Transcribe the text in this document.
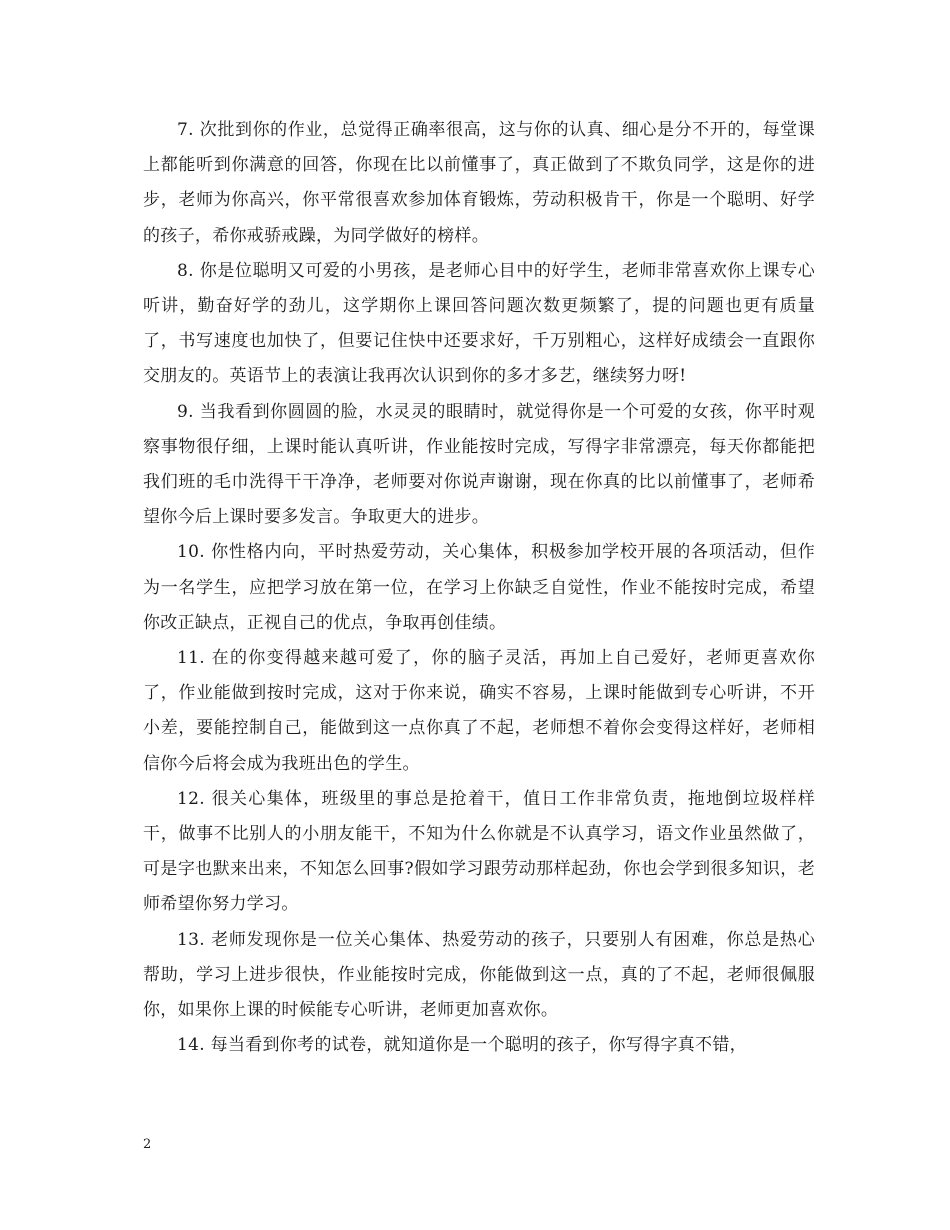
7. 次批到你的作业，总觉得正确率很高，这与你的认真、细心是分不开的，每堂课上都能听到你满意的回答，你现在比以前懂事了，真正做到了不欺负同学，这是你的进步，老师为你高兴，你平常很喜欢参加体育锻炼，劳动积极肯干，你是一个聪明、好学的孩子，希你戒骄戒躁，为同学做好的榜样。

8. 你是位聪明又可爱的小男孩，是老师心目中的好学生，老师非常喜欢你上课专心听讲，勤奋好学的劲儿，这学期你上课回答问题次数更频繁了，提的问题也更有质量了，书写速度也加快了，但要记住快中还要求好，千万别粗心，这样好成绩会一直跟你交朋友的。英语节上的表演让我再次认识到你的多才多艺，继续努力呀!

9. 当我看到你圆圆的脸，水灵灵的眼睛时，就觉得你是一个可爱的女孩，你平时观察事物很仔细，上课时能认真听讲，作业能按时完成，写得字非常漂亮，每天你都能把我们班的毛巾洗得干干净净，老师要对你说声谢谢，现在你真的比以前懂事了，老师希望你今后上课时要多发言。争取更大的进步。

10. 你性格内向，平时热爱劳动，关心集体，积极参加学校开展的各项活动，但作为一名学生，应把学习放在第一位，在学习上你缺乏自觉性，作业不能按时完成，希望你改正缺点，正视自己的优点，争取再创佳绩。

11. 在的你变得越来越可爱了，你的脑子灵活，再加上自己爱好，老师更喜欢你了，作业能做到按时完成，这对于你来说，确实不容易，上课时能做到专心听讲，不开小差，要能控制自己，能做到这一点你真了不起，老师想不着你会变得这样好，老师相信你今后将会成为我班出色的学生。

12. 很关心集体，班级里的事总是抢着干，值日工作非常负责，拖地倒垃圾样样干，做事不比别人的小朋友能干，不知为什么你就是不认真学习，语文作业虽然做了，可是字也默来出来，不知怎么回事?假如学习跟劳动那样起劲，你也会学到很多知识，老师希望你努力学习。

13. 老师发现你是一位关心集体、热爱劳动的孩子，只要别人有困难，你总是热心帮助，学习上进步很快，作业能按时完成，你能做到这一点，真的了不起，老师很佩服你，如果你上课的时候能专心听讲，老师更加喜欢你。

14. 每当看到你考的试卷，就知道你是一个聪明的孩子，你写得字真不错，

2
